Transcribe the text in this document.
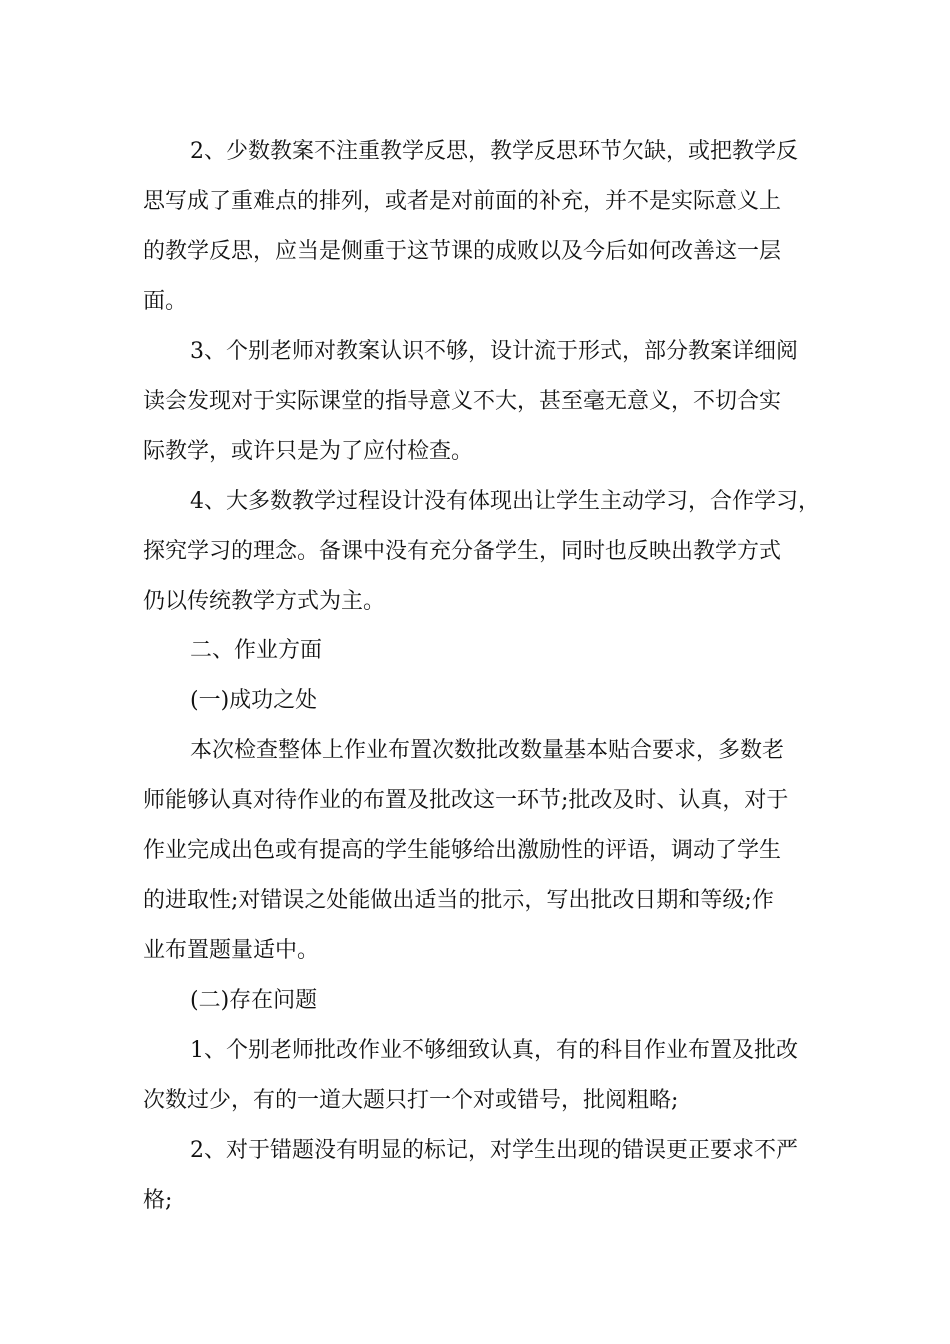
2、少数教案不注重教学反思，教学反思环节欠缺，或把教学反
思写成了重难点的排列，或者是对前面的补充，并不是实际意义上
的教学反思，应当是侧重于这节课的成败以及今后如何改善这一层
面。
3、个别老师对教案认识不够，设计流于形式，部分教案详细阅
读会发现对于实际课堂的指导意义不大，甚至毫无意义，不切合实
际教学，或许只是为了应付检查。
4、大多数教学过程设计没有体现出让学生主动学习，合作学习，
探究学习的理念。备课中没有充分备学生，同时也反映出教学方式
仍以传统教学方式为主。
二、作业方面
(一)成功之处
本次检查整体上作业布置次数批改数量基本贴合要求，多数老
师能够认真对待作业的布置及批改这一环节;批改及时、认真，对于
作业完成出色或有提高的学生能够给出激励性的评语，调动了学生
的进取性;对错误之处能做出适当的批示，写出批改日期和等级;作
业布置题量适中。
(二)存在问题
1、个别老师批改作业不够细致认真，有的科目作业布置及批改
次数过少，有的一道大题只打一个对或错号，批阅粗略;
2、对于错题没有明显的标记，对学生出现的错误更正要求不严
格;
